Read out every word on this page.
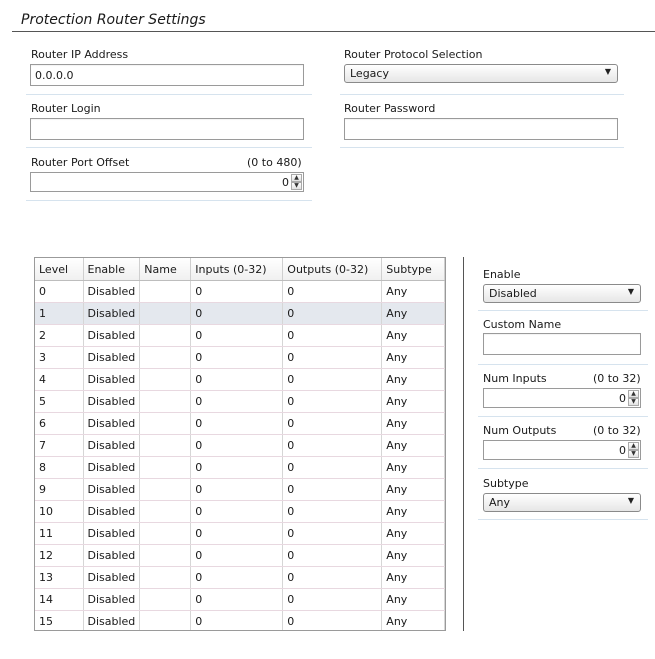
Protection Router Settings
Router IP Address
0.0.0.0
Router Protocol Selection
Legacy	▼
Router Login	Router Password
Router Port Offset	(0 to 480)
0 ▲
▼
Level	Enable	Name	Inputs (0-32)	Outputs (0-32)	Subtype
0	Disabled		0	0	Any
1	Disabled		0	0	Any
2	Disabled		0	0	Any
3	Disabled		0	0	Any
4	Disabled		0	0	Any
5	Disabled		0	0	Any
6	Disabled		0	0	Any
7	Disabled		0	0	Any
8	Disabled		0	0	Any
9	Disabled		0	0	Any
10	Disabled		0	0	Any
11	Disabled		0	0	Any
12	Disabled		0	0	Any
13	Disabled		0	0	Any
14	Disabled		0	0	Any
15	Disabled		0	0	Any
Enable
Disabled	▼
Custom Name
Num Inputs	(0 to 32)
0 ▲
▼
Num Outputs	(0 to 32)
0 ▲
▼
Subtype
Any	▼
